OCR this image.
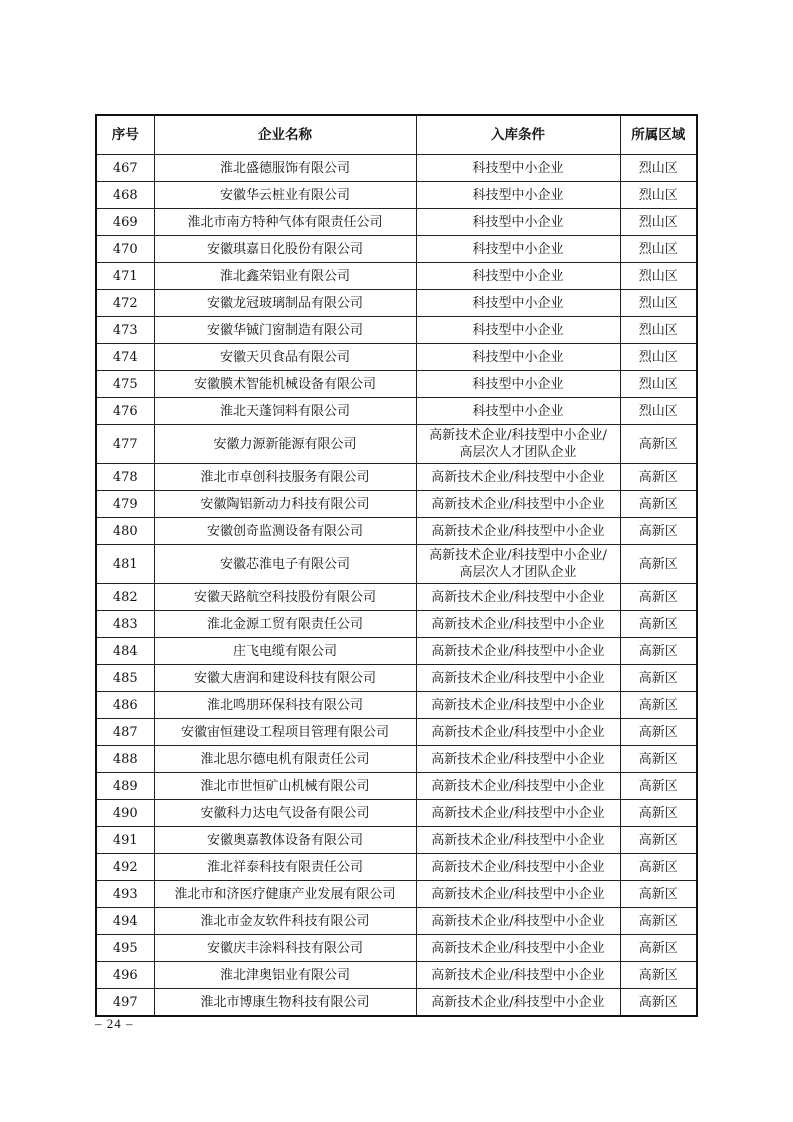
序号	企业名称	入库条件	所属区域
467	淮北盛德服饰有限公司	科技型中小企业	烈山区
468	安徽华云桩业有限公司	科技型中小企业	烈山区
469	淮北市南方特种气体有限责任公司	科技型中小企业	烈山区
470	安徽琪嘉日化股份有限公司	科技型中小企业	烈山区
471	淮北鑫荣铝业有限公司	科技型中小企业	烈山区
472	安徽龙冠玻璃制品有限公司	科技型中小企业	烈山区
473	安徽华铖门窗制造有限公司	科技型中小企业	烈山区
474	安徽天贝食品有限公司	科技型中小企业	烈山区
475	安徽膜术智能机械设备有限公司	科技型中小企业	烈山区
476	淮北天蓬饲料有限公司	科技型中小企业	烈山区
477	安徽力源新能源有限公司	高新技术企业/科技型中小企业/
高层次人才团队企业	高新区
478	淮北市卓创科技服务有限公司	高新技术企业/科技型中小企业	高新区
479	安徽陶铝新动力科技有限公司	高新技术企业/科技型中小企业	高新区
480	安徽创奇监测设备有限公司	高新技术企业/科技型中小企业	高新区
481	安徽芯淮电子有限公司	高新技术企业/科技型中小企业/
高层次人才团队企业	高新区
482	安徽天路航空科技股份有限公司	高新技术企业/科技型中小企业	高新区
483	淮北金源工贸有限责任公司	高新技术企业/科技型中小企业	高新区
484	庄飞电缆有限公司	高新技术企业/科技型中小企业	高新区
485	安徽大唐润和建设科技有限公司	高新技术企业/科技型中小企业	高新区
486	淮北鸣朋环保科技有限公司	高新技术企业/科技型中小企业	高新区
487	安徽宙恒建设工程项目管理有限公司	高新技术企业/科技型中小企业	高新区
488	淮北思尔德电机有限责任公司	高新技术企业/科技型中小企业	高新区
489	淮北市世恒矿山机械有限公司	高新技术企业/科技型中小企业	高新区
490	安徽科力达电气设备有限公司	高新技术企业/科技型中小企业	高新区
491	安徽奥嘉教体设备有限公司	高新技术企业/科技型中小企业	高新区
492	淮北祥泰科技有限责任公司	高新技术企业/科技型中小企业	高新区
493	淮北市和济医疗健康产业发展有限公司	高新技术企业/科技型中小企业	高新区
494	淮北市金友软件科技有限公司	高新技术企业/科技型中小企业	高新区
495	安徽庆丰涂料科技有限公司	高新技术企业/科技型中小企业	高新区
496	淮北津奥铝业有限公司	高新技术企业/科技型中小企业	高新区
497	淮北市博康生物科技有限公司	高新技术企业/科技型中小企业	高新区
– 24 –
